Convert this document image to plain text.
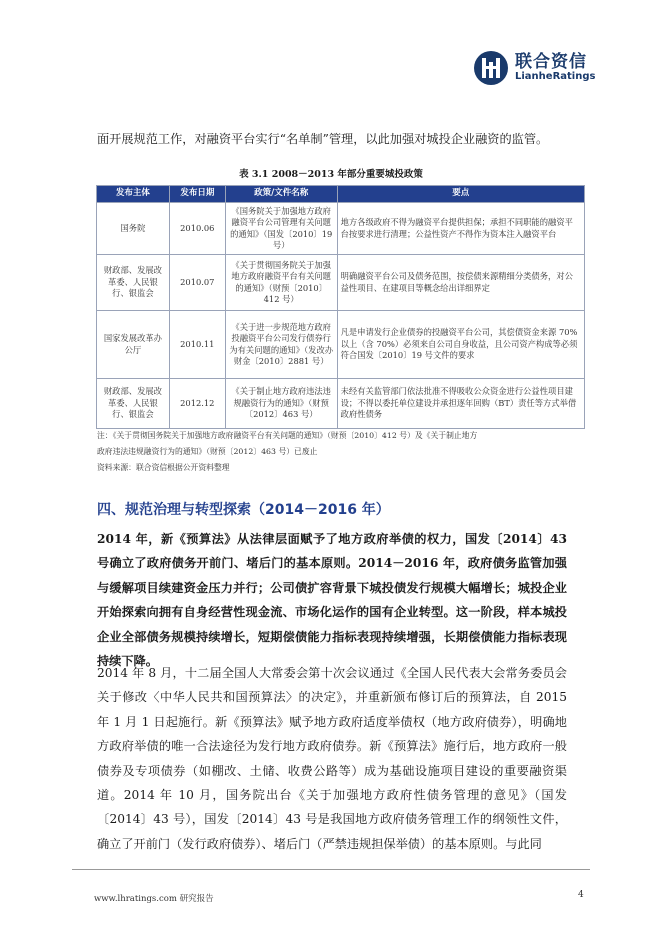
联合资信
LianheRatings
面开展规范工作，对融资平台实行“名单制”管理，以此加强对城投企业融资的监管。
表 3.1 2008－2013 年部分重要城投政策
发布主体	发布日期	政策/文件名称	要点
国务院	2010.06	《国务院关于加强地方政府融资平台公司管理有关问题的通知》（国发〔2010〕19 号）	地方各级政府不得为融资平台提供担保；承担不同职能的融资平台按要求进行清理；公益性资产不得作为资本注入融资平台
财政部、发展改革委、人民银行、银监会	2010.07	《关于贯彻国务院关于加强地方政府融资平台有关问题的通知》（财预〔2010〕412 号）	明确融资平台公司及债务范围，按偿债来源精细分类债务，对公益性项目、在建项目等概念给出详细界定
国家发展改革办公厅	2010.11	《关于进一步规范地方政府投融资平台公司发行债券行为有关问题的通知》（发改办财金〔2010〕2881 号）	凡是申请发行企业债券的投融资平台公司，其偿债资金来源 70%以上（含 70%）必须来自公司自身收益，且公司资产构成等必须符合国发〔2010〕19 号文件的要求
财政部、发展改革委、人民银行、银监会	2012.12	《关于制止地方政府违法违规融资行为的通知》（财预〔2012〕463 号）	未经有关监管部门依法批准不得吸收公众资金进行公益性项目建设；不得以委托单位建设并承担逐年回购（BT）责任等方式举借政府性债务
注：《关于贯彻国务院关于加强地方政府融资平台有关问题的通知》（财预〔2010〕412 号）及《关于制止地方
政府违法违规融资行为的通知》（财预〔2012〕463 号）已废止
资料来源：联合资信根据公开资料整理
四、规范治理与转型探索（2014－2016 年）
2014 年，新《预算法》从法律层面赋予了地方政府举债的权力，国发〔2014〕43 号确立了政府债务开前门、堵后门的基本原则。2014－2016 年，政府债务监管加强与缓解项目续建资金压力并行；公司债扩容背景下城投债发行规模大幅增长；城投企业开始探索向拥有自身经营性现金流、市场化运作的国有企业转型。这一阶段，样本城投企业全部债务规模持续增长，短期偿债能力指标表现持续增强，长期偿债能力指标表现持续下降。
2014 年 8 月，十二届全国人大常委会第十次会议通过《全国人民代表大会常务委员会关于修改〈中华人民共和国预算法〉的决定》，并重新颁布修订后的预算法，自 2015 年 1 月 1 日起施行。新《预算法》赋予地方政府适度举债权（地方政府债券），明确地方政府举债的唯一合法途径为发行地方政府债券。新《预算法》施行后，地方政府一般债券及专项债券（如棚改、土储、收费公路等）成为基础设施项目建设的重要融资渠道。2014 年 10 月，国务院出台《关于加强地方政府性债务管理的意见》（国发〔2014〕43 号），国发〔2014〕43 号是我国地方政府债务管理工作的纲领性文件，确立了开前门（发行政府债券）、堵后门（严禁违规担保举债）的基本原则。与此同
www.lhratings.com 研究报告	4
